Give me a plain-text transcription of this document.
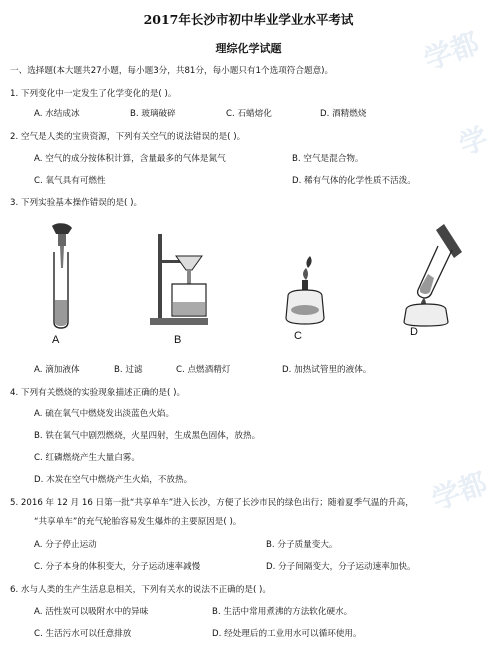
学都
学
学都
2017年长沙市初中毕业学业水平考试
理综化学试题
一、选择题(本大题共27小题，每小题3分，共81分，每小题只有1个选项符合题意)。
1. 下列变化中一定发生了化学变化的是( )。
A. 水结成冰	B. 玻璃破碎	C. 石蜡熔化	D. 酒精燃烧
2. 空气是人类的宝贵资源，下列有关空气的说法错误的是( )。
A. 空气的成分按体积计算，含量最多的气体是氮气	B. 空气是混合物。
C. 氧气具有可燃性	D. 稀有气体的化学性质不活泼。
3. 下列实验基本操作错误的是( )。
A	B	C	D
A. 滴加液体	B. 过滤	C. 点燃酒精灯	D. 加热试管里的液体。
4. 下列有关燃烧的实验现象描述正确的是( )。
A. 硫在氧气中燃烧发出淡蓝色火焰。
B. 铁在氧气中剧烈燃烧，火星四射，生成黑色固体，放热。
C. 红磷燃烧产生大量白雾。
D. 木炭在空气中燃烧产生火焰，不放热。
5. 2016 年 12 月 16 日第一批“共享单车”进入长沙，方便了长沙市民的绿色出行；随着夏季气温的升高，
“共享单车”的充气轮胎容易发生爆炸的主要原因是( )。
A. 分子停止运动	B. 分子质量变大。
C. 分子本身的体积变大，分子运动速率减慢	D. 分子间隔变大，分子运动速率加快。
6. 水与人类的生产生活息息相关，下列有关水的说法不正确的是( )。
A. 活性炭可以吸附水中的异味	B. 生活中常用煮沸的方法软化硬水。
C. 生活污水可以任意排放	D. 经处理后的工业用水可以循环使用。
